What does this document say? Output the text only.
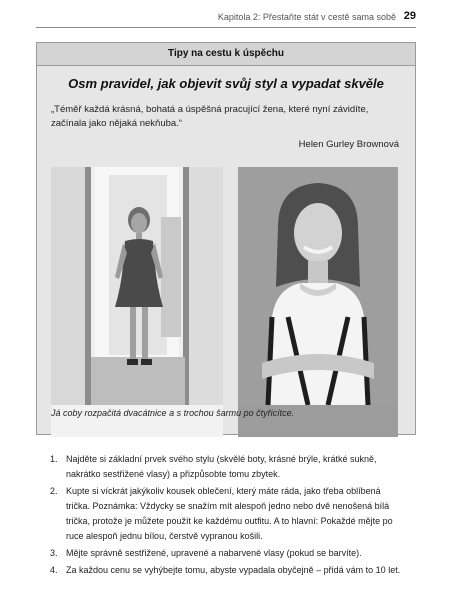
Kapitola 2: Přestaňte stát v cestě sama sobě 29
Tipy na cestu k úspěchu
Osm pravidel, jak objevit svůj styl a vypadat skvěle
„Téměř každá krásná, bohatá a úspěšná pracující žena, které nyní závidíte, začínala jako nějaká nekňuba.“
Helen Gurley Brownová
Já coby rozpačitá dvacátnice a s trochou šarmu po čtyřicítce.
1. Najděte si základní prvek svého stylu (skvělé boty, krásné brýle, krátké sukně, nakrátko sestřižené vlasy) a přizpůsobte tomu zbytek.
2. Kupte si víckrát jakýkoliv kousek oblečení, který máte ráda, jako třeba oblíbená trička. Poznámka: Vždycky se snažím mít alespoň jedno nebo dvě nenošená bílá trička, protože je můžete použít ke každému outfitu. A to hlavní: Pokaždé mějte po ruce alespoň jednu bílou, čerstvě vypranou košili.
3. Mějte správně sestřižené, upravené a nabarvené vlasy (pokud se barvíte).
4. Za každou cenu se vyhýbejte tomu, abyste vypadala obyčejně – přidá vám to 10 let.
